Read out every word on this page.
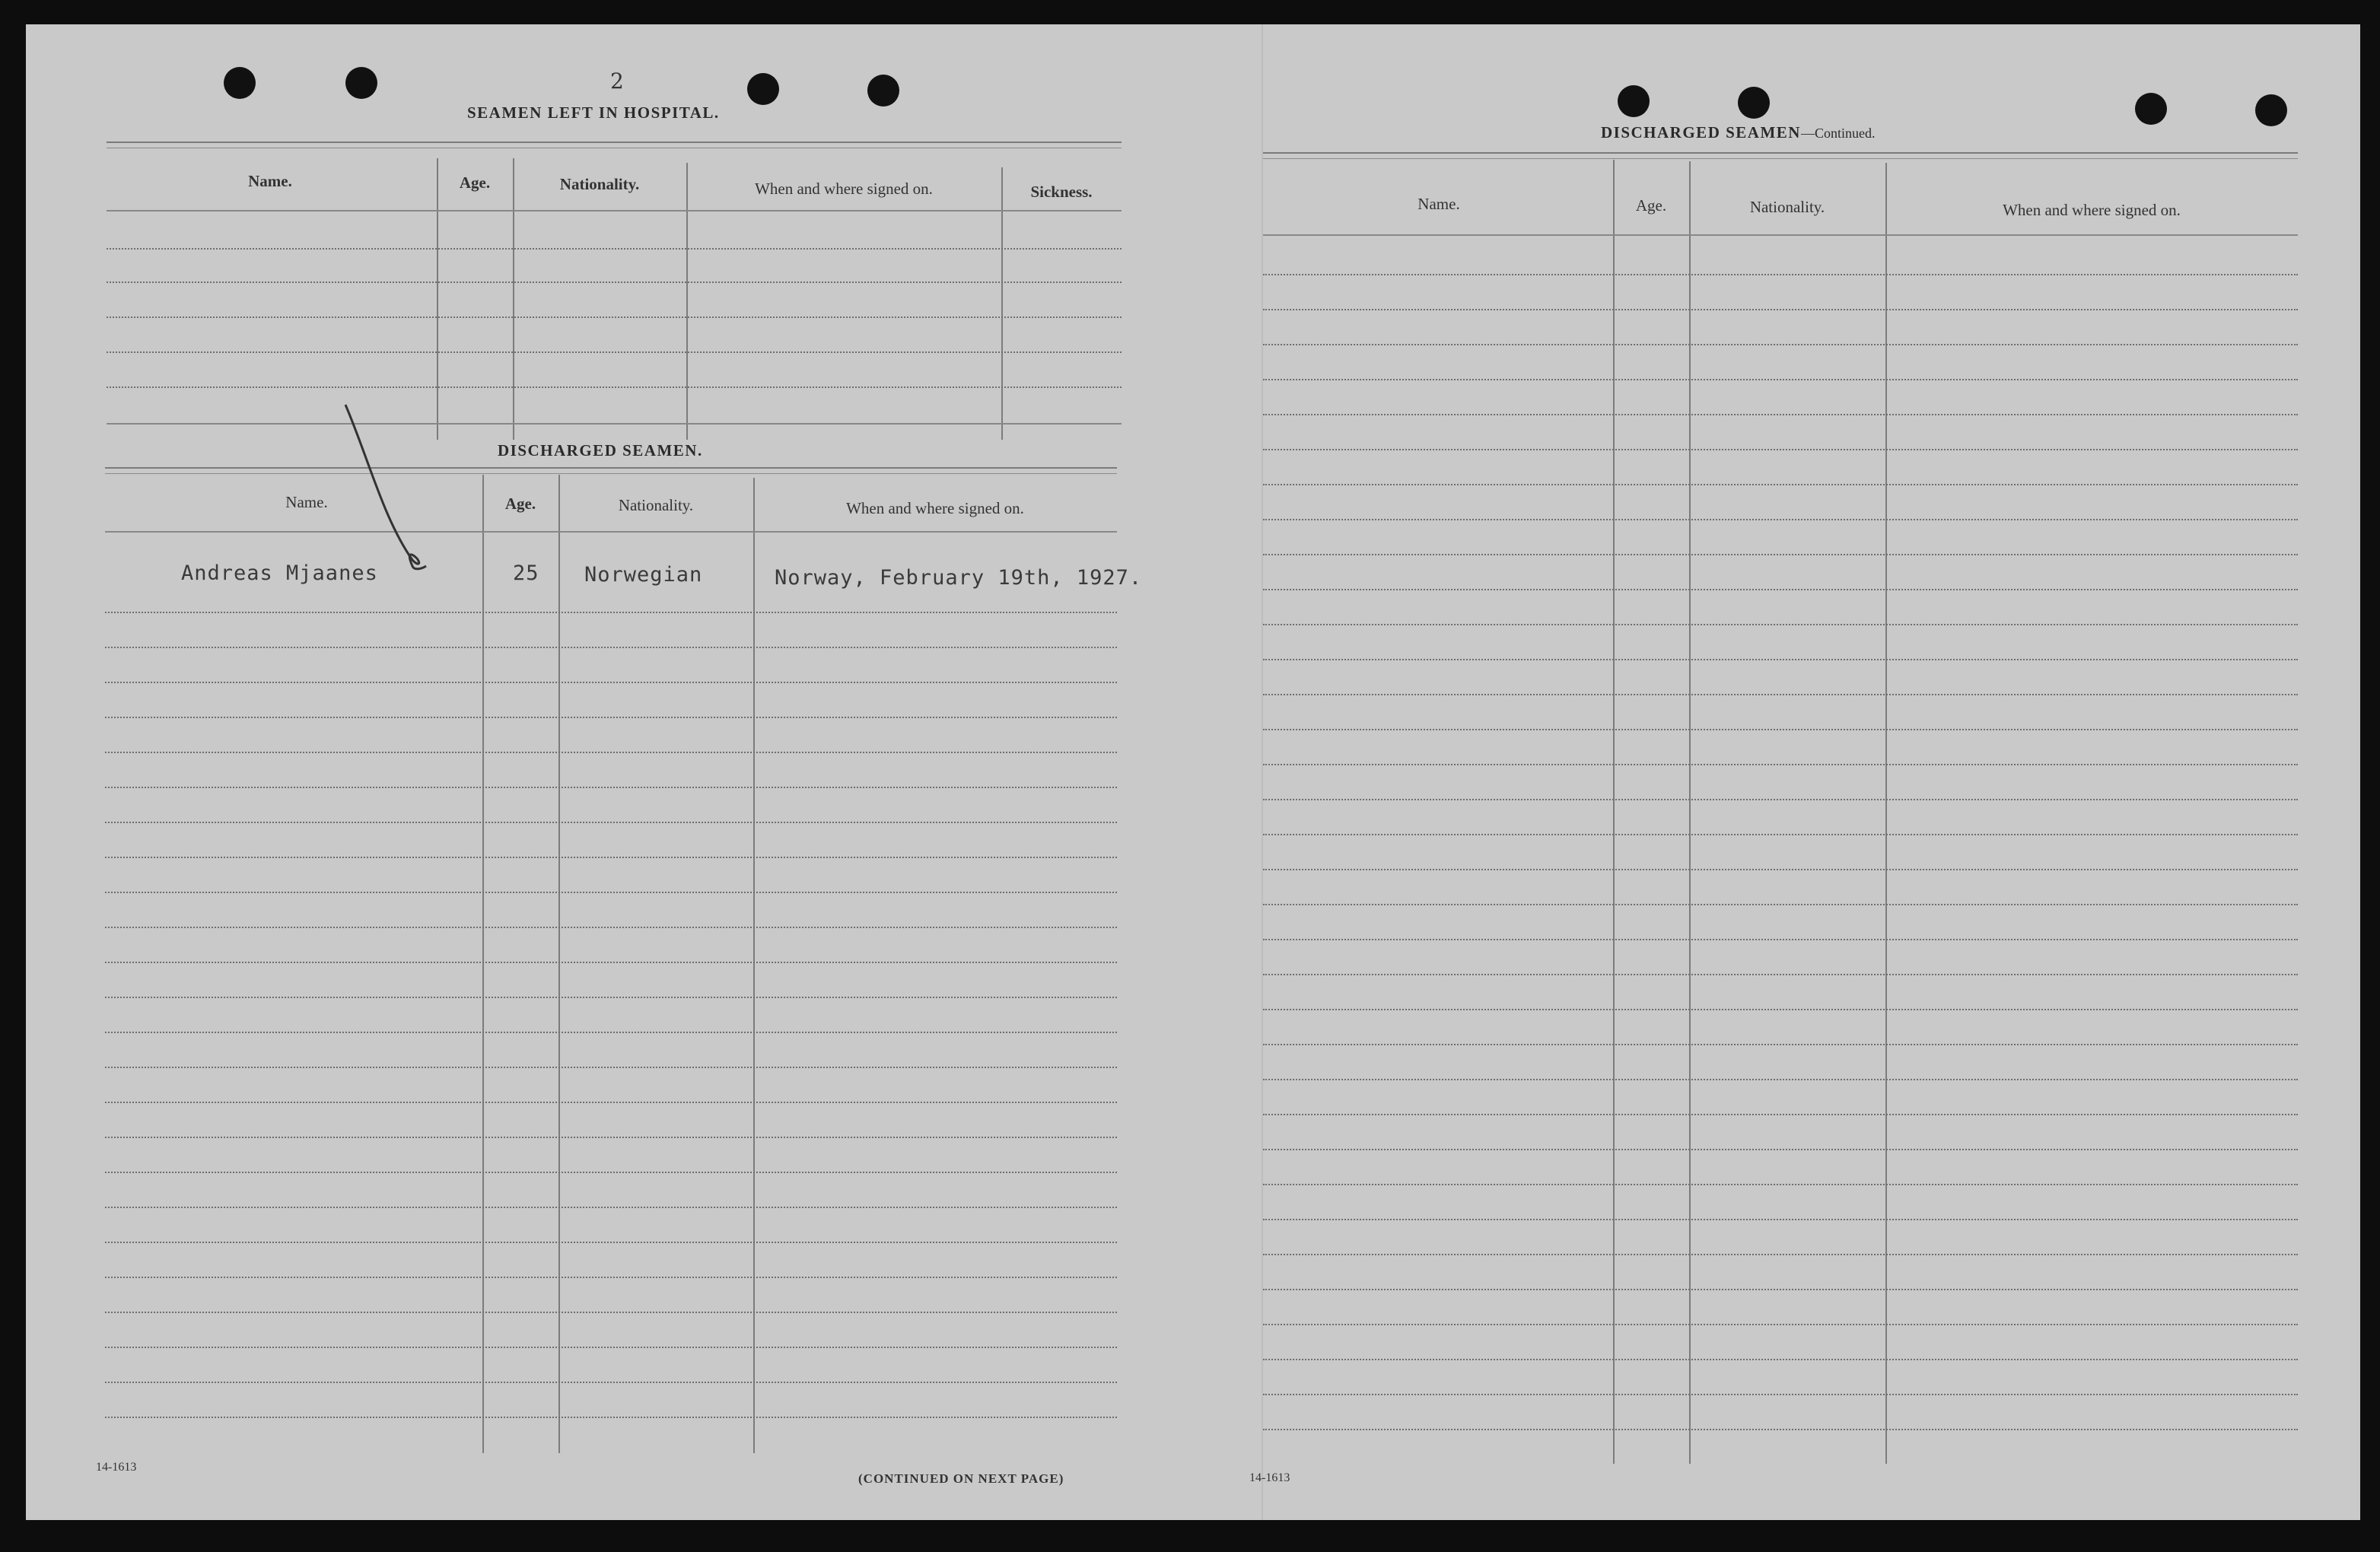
2
SEAMEN LEFT IN HOSPITAL.
Name.	Age.	Nationality.	When and where signed on.	Sickness.
DISCHARGED SEAMEN.
Name.	Age.	Nationality.	When and where signed on.
Andreas Mjaanes	25 Norwegian	Norway, February 19th, 1927.
14-1613
(CONTINUED ON NEXT PAGE)
DISCHARGED SEAMEN—Continued.
Name.	Age.	Nationality.	When and where signed on.
14-1613
